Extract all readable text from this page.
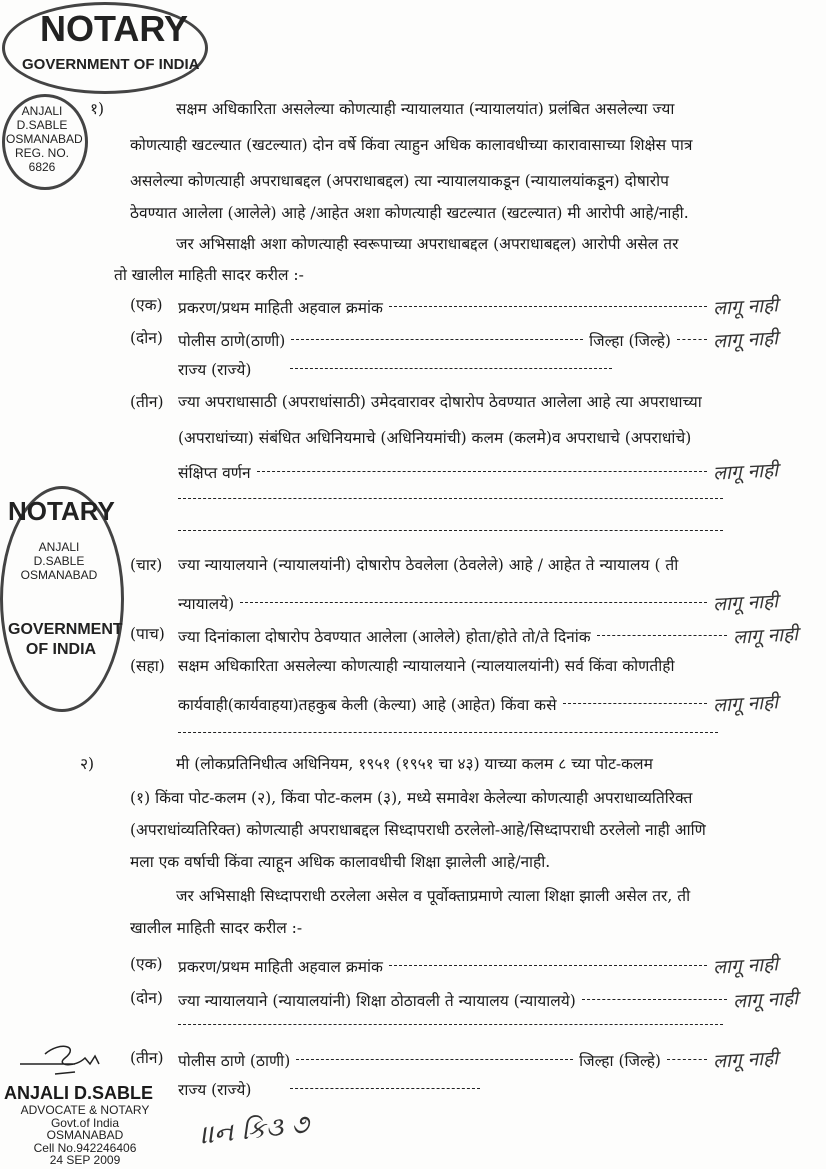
NOTARY
GOVERNMENT OF INDIA
ANJALI
D.SABLE
OSMANABAD
REG. NO.
6826
१)	सक्षम अधिकारिता असलेल्या कोणत्याही न्यायालयात (न्यायालयांत) प्रलंबित असलेल्या ज्या
कोणत्याही खटल्यात (खटल्यात) दोन वर्षे किंवा त्याहुन अधिक कालावधीच्या कारावासाच्या शिक्षेस पात्र
असलेल्या कोणत्याही अपराधाबद्दल (अपराधाबद्दल) त्या न्यायालयाकडून (न्यायालयांकडून) दोषारोप
ठेवण्यात आलेला (आलेले) आहे /आहेत अशा कोणत्याही खटल्यात (खटल्यात) मी आरोपी आहे/नाही.
जर अभिसाक्षी अशा कोणत्याही स्वरूपाच्या अपराधाबद्दल (अपराधाबद्दल) आरोपी असेल तर
तो खालील माहिती सादर करील :-
(एक) प्रकरण/प्रथम माहिती अहवाल क्रमांक	लागू नाही
(दोन) पोलीस ठाणे(ठाणी)	जिल्हा (जिल्हे) लागू नाही
राज्य (राज्ये)
(तीन) ज्या अपराधासाठी (अपराधांसाठी) उमेदवारावर दोषारोप ठेवण्यात आलेला आहे त्या अपराधाच्या
(अपराधांच्या) संबंधित अधिनियमाचे (अधिनियमांची) कलम (कलमे)व अपराधाचे (अपराधांचे)
संक्षिप्त वर्णन	लागू नाही
NOTARY
ANJALI
D.SABLE
OSMANABAD
GOVERNMENT OF INDIA
(चार) ज्या न्यायालयाने (न्यायालयांनी) दोषारोप ठेवलेला (ठेवलेले) आहे / आहेत ते न्यायालय ( ती
न्यायालये)	लागू नाही
(पाच) ज्या दिनांकाला दोषारोप ठेवण्यात आलेला (आलेले) होता/होते तो/ते दिनांक	लागू नाही
(सहा) सक्षम अधिकारिता असलेल्या कोणत्याही न्यायालयाने (न्यालयालयांनी) सर्व किंवा कोणतीही
कार्यवाही(कार्यवाहया)तहकुब केली (केल्या) आहे (आहेत) किंवा कसे	लागू नाही
२)	मी (लोकप्रतिनिधीत्व अधिनियम, १९५१ (१९५१ चा ४३) याच्या कलम ८ च्या पोट-कलम
(१) किंवा पोट-कलम (२), किंवा पोट-कलम (३), मध्ये समावेश केलेल्या कोणत्याही अपराधाव्यतिरिक्त
(अपराधांव्यतिरिक्त) कोणत्याही अपराधाबद्दल सिध्दापराधी ठरलेलो-आहे/सिध्दापराधी ठरलेलो नाही आणि
मला एक वर्षाची किंवा त्याहून अधिक कालावधीची शिक्षा झालेली आहे/नाही.
जर अभिसाक्षी सिध्दापराधी ठरलेला असेल व पूर्वोक्ताप्रमाणे त्याला शिक्षा झाली असेल तर, ती
खालील माहिती सादर करील :-
(एक) प्रकरण/प्रथम माहिती अहवाल क्रमांक	लागू नाही
(दोन) ज्या न्यायालयाने (न्यायालयांनी) शिक्षा ठोठावली ते न्यायालय (न्यायालये)	लागू नाही
(तीन) पोलीस ठाणे (ठाणी)	जिल्हा (जिल्हे)	लागू नाही
राज्य (राज्ये)
।।ન કિ૩ ૭
ANJALI D.SABLE
ADVOCATE & NOTARY
Govt.of India
OSMANABAD
Cell No.942246406
24 SEP 2009
